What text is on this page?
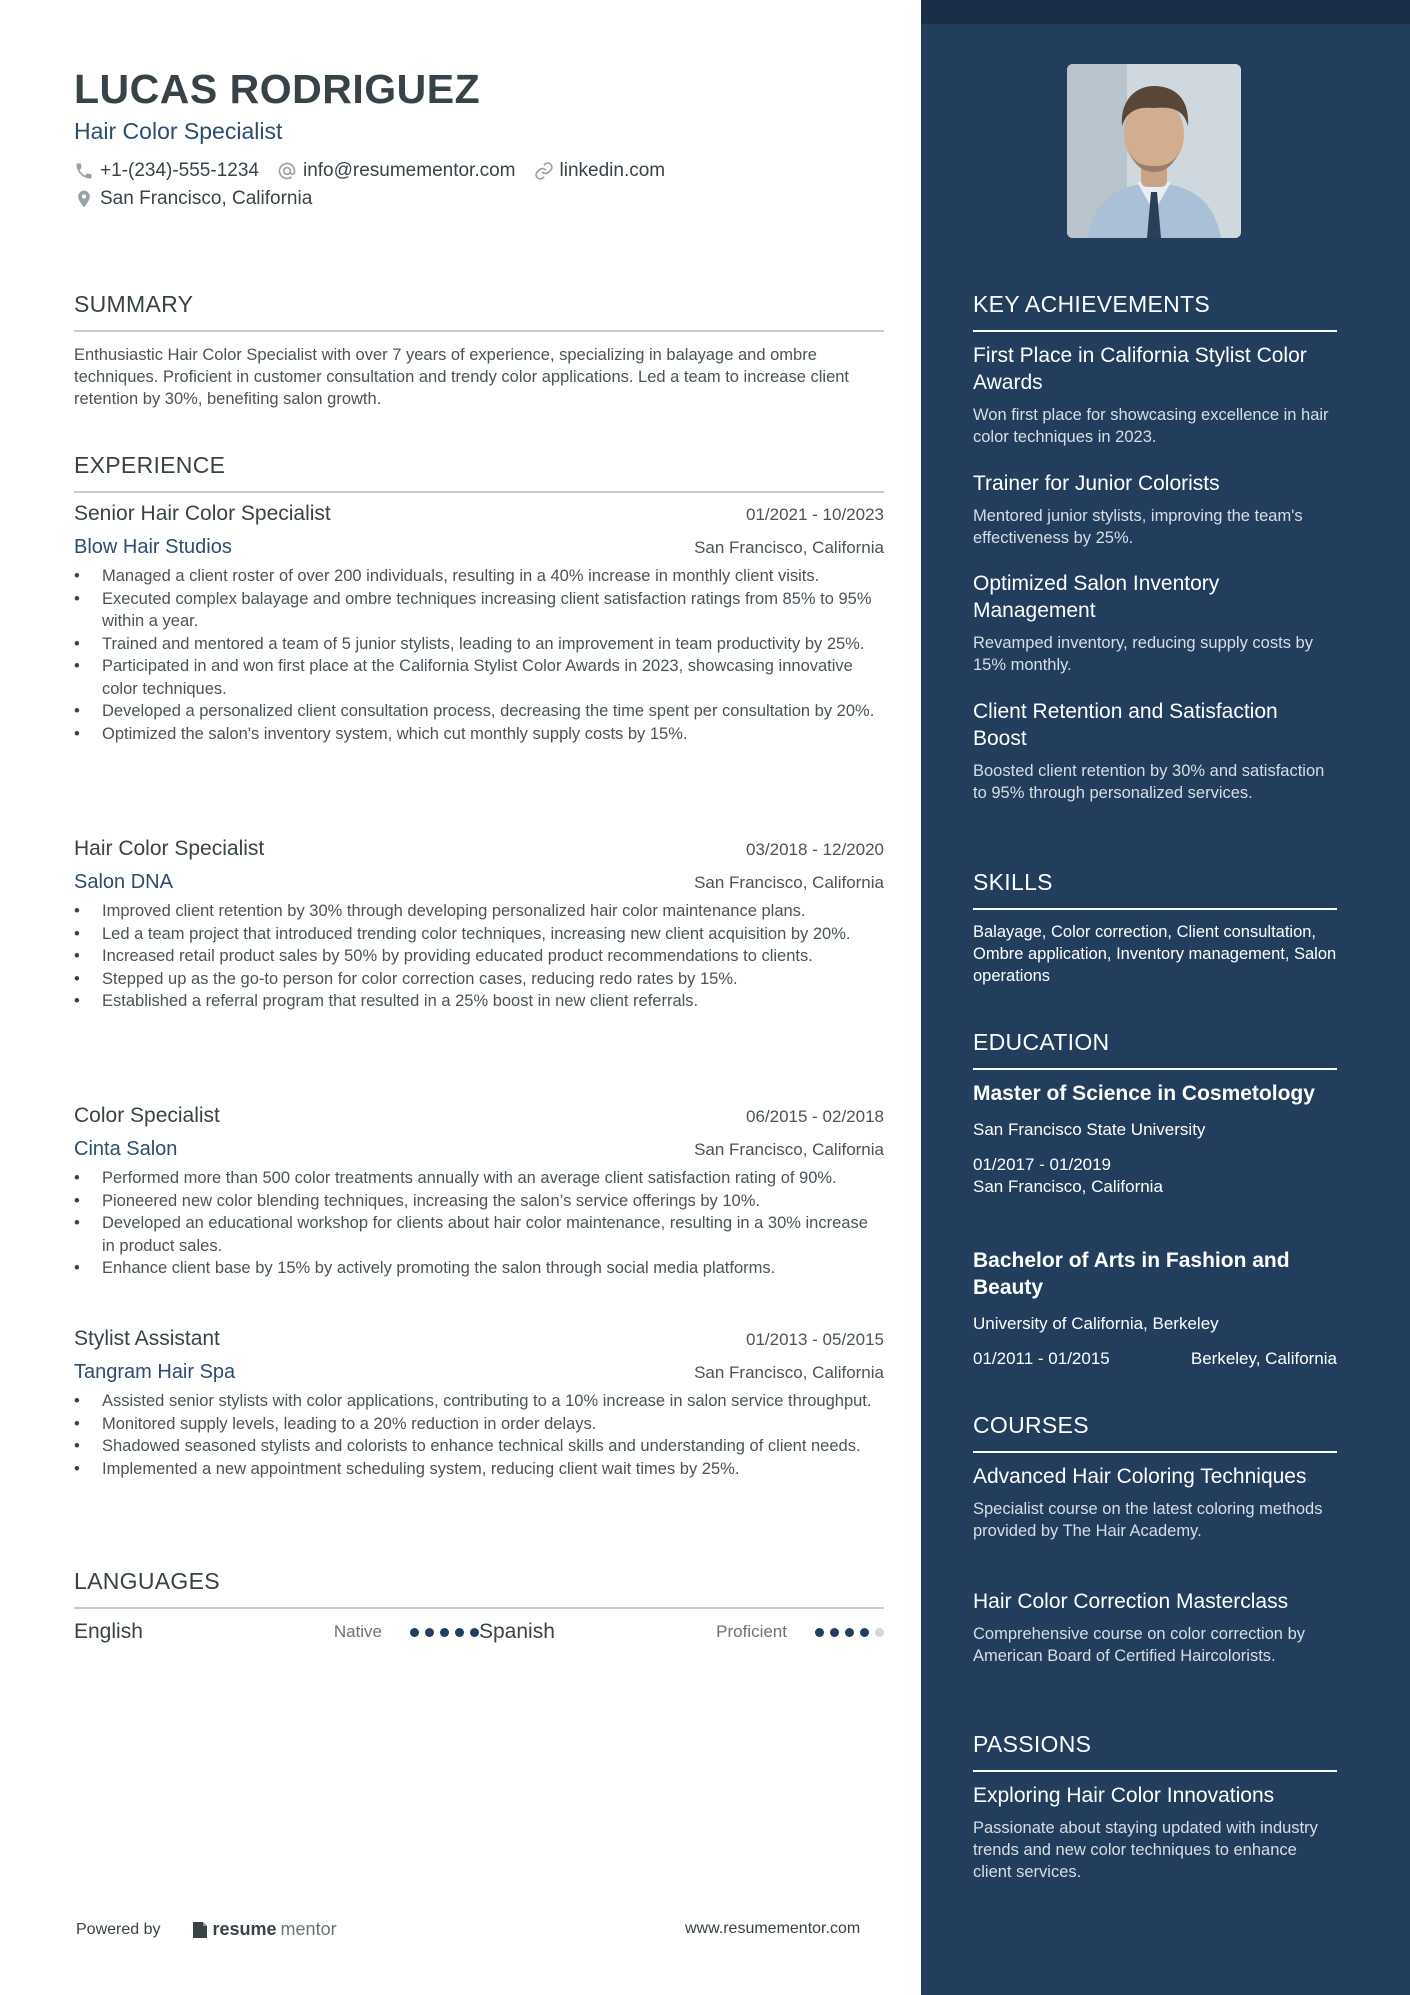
LUCAS RODRIGUEZ
Hair Color Specialist
+1-(234)-555-1234 info@resumementor.com linkedin.com
San Francisco, California
SUMMARY
Enthusiastic Hair Color Specialist with over 7 years of experience, specializing in balayage and ombre techniques. Proficient in customer consultation and trendy color applications. Led a team to increase client retention by 30%, benefiting salon growth.
EXPERIENCE
Senior Hair Color Specialist	01/2021 - 10/2023
Blow Hair Studios	San Francisco, California
• Managed a client roster of over 200 individuals, resulting in a 40% increase in monthly client visits.
• Executed complex balayage and ombre techniques increasing client satisfaction ratings from 85% to 95% within a year.
• Trained and mentored a team of 5 junior stylists, leading to an improvement in team productivity by 25%.
• Participated in and won first place at the California Stylist Color Awards in 2023, showcasing innovative color techniques.
• Developed a personalized client consultation process, decreasing the time spent per consultation by 20%.
• Optimized the salon's inventory system, which cut monthly supply costs by 15%.
Hair Color Specialist	03/2018 - 12/2020
Salon DNA	San Francisco, California
• Improved client retention by 30% through developing personalized hair color maintenance plans.
• Led a team project that introduced trending color techniques, increasing new client acquisition by 20%.
• Increased retail product sales by 50% by providing educated product recommendations to clients.
• Stepped up as the go-to person for color correction cases, reducing redo rates by 15%.
• Established a referral program that resulted in a 25% boost in new client referrals.
Color Specialist	06/2015 - 02/2018
Cinta Salon	San Francisco, California
• Performed more than 500 color treatments annually with an average client satisfaction rating of 90%.
• Pioneered new color blending techniques, increasing the salon’s service offerings by 10%.
• Developed an educational workshop for clients about hair color maintenance, resulting in a 30% increase in product sales.
• Enhance client base by 15% by actively promoting the salon through social media platforms.
Stylist Assistant	01/2013 - 05/2015
Tangram Hair Spa	San Francisco, California
• Assisted senior stylists with color applications, contributing to a 10% increase in salon service throughput.
• Monitored supply levels, leading to a 20% reduction in order delays.
• Shadowed seasoned stylists and colorists to enhance technical skills and understanding of client needs.
• Implemented a new appointment scheduling system, reducing client wait times by 25%.
LANGUAGES
English	Native	Spanish	Proficient
Powered by	resume mentor	www.resumementor.com
KEY ACHIEVEMENTS
First Place in California Stylist Color Awards
Won first place for showcasing excellence in hair color techniques in 2023.
Trainer for Junior Colorists
Mentored junior stylists, improving the team's effectiveness by 25%.
Optimized Salon Inventory Management
Revamped inventory, reducing supply costs by 15% monthly.
Client Retention and Satisfaction Boost
Boosted client retention by 30% and satisfaction to 95% through personalized services.
SKILLS
Balayage, Color correction, Client consultation, Ombre application, Inventory management, Salon operations
EDUCATION
Master of Science in Cosmetology
San Francisco State University
01/2017 - 01/2019
San Francisco, California
Bachelor of Arts in Fashion and Beauty
University of California, Berkeley
01/2011 - 01/2015	Berkeley, California
COURSES
Advanced Hair Coloring Techniques
Specialist course on the latest coloring methods provided by The Hair Academy.
Hair Color Correction Masterclass
Comprehensive course on color correction by American Board of Certified Haircolorists.
PASSIONS
Exploring Hair Color Innovations
Passionate about staying updated with industry trends and new color techniques to enhance client services.
